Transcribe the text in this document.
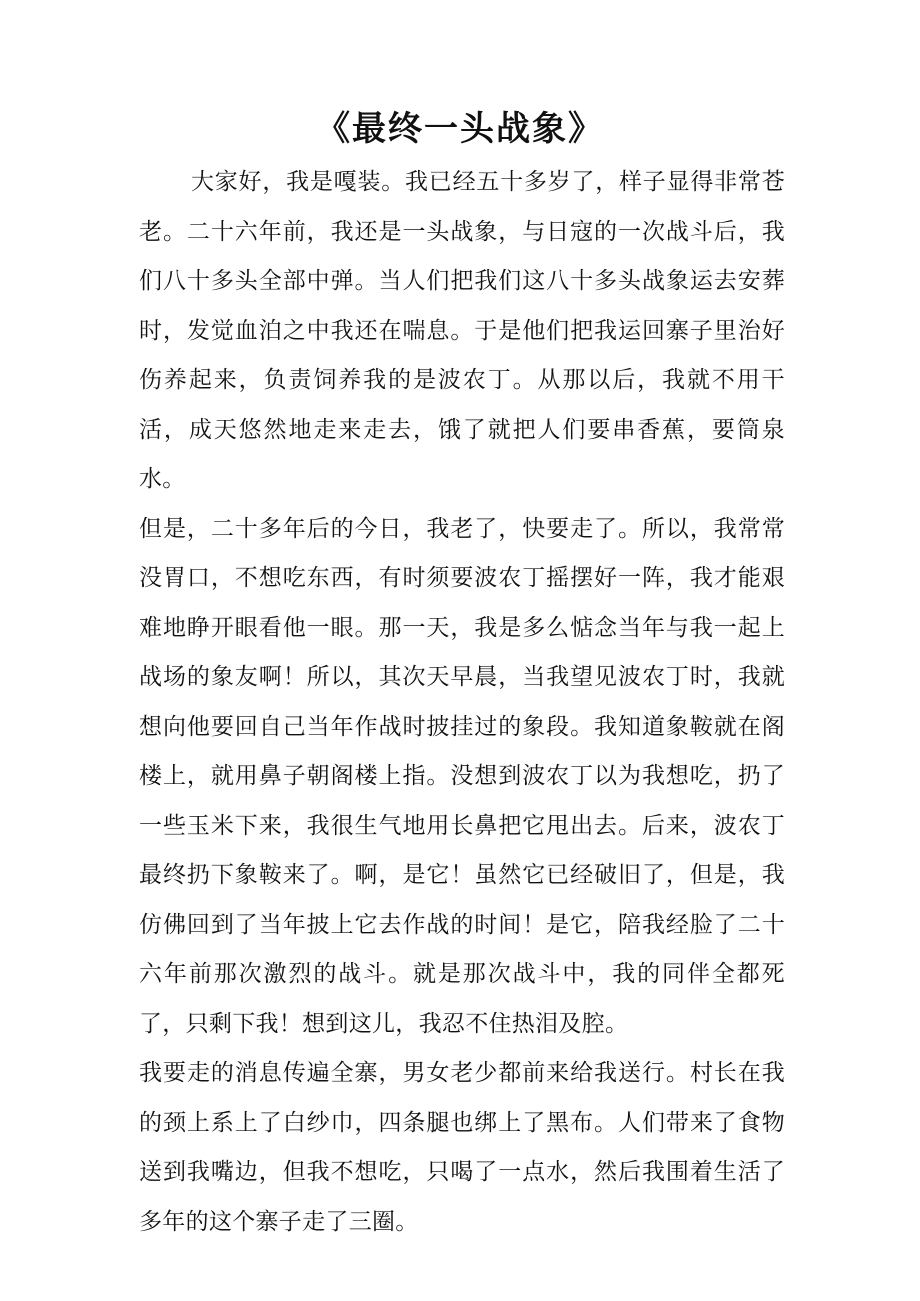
《最终一头战象》

大家好，我是嘎装。我已经五十多岁了，样子显得非常苍老。二十六年前，我还是一头战象，与日寇的一次战斗后，我们八十多头全部中弹。当人们把我们这八十多头战象运去安葬时，发觉血泊之中我还在喘息。于是他们把我运回寨子里治好伤养起来，负责饲养我的是波农丁。从那以后，我就不用干活，成天悠然地走来走去，饿了就把人们要串香蕉，要筒泉水。

但是，二十多年后的今日，我老了，快要走了。所以，我常常没胃口，不想吃东西，有时须要波农丁摇摆好一阵，我才能艰难地睁开眼看他一眼。那一天，我是多么惦念当年与我一起上战场的象友啊！所以，其次天早晨，当我望见波农丁时，我就想向他要回自己当年作战时披挂过的象段。我知道象鞍就在阁楼上，就用鼻子朝阁楼上指。没想到波农丁以为我想吃，扔了一些玉米下来，我很生气地用长鼻把它甩出去。后来，波农丁最终扔下象鞍来了。啊，是它！虽然它已经破旧了，但是，我仿佛回到了当年披上它去作战的时间！是它，陪我经脸了二十六年前那次激烈的战斗。就是那次战斗中，我的同伴全都死了，只剩下我！想到这儿，我忍不住热泪及腔。

我要走的消息传遍全寨，男女老少都前来给我送行。村长在我的颈上系上了白纱巾，四条腿也绑上了黑布。人们带来了食物送到我嘴边，但我不想吃，只喝了一点水，然后我围着生活了多年的这个寨子走了三圈。
